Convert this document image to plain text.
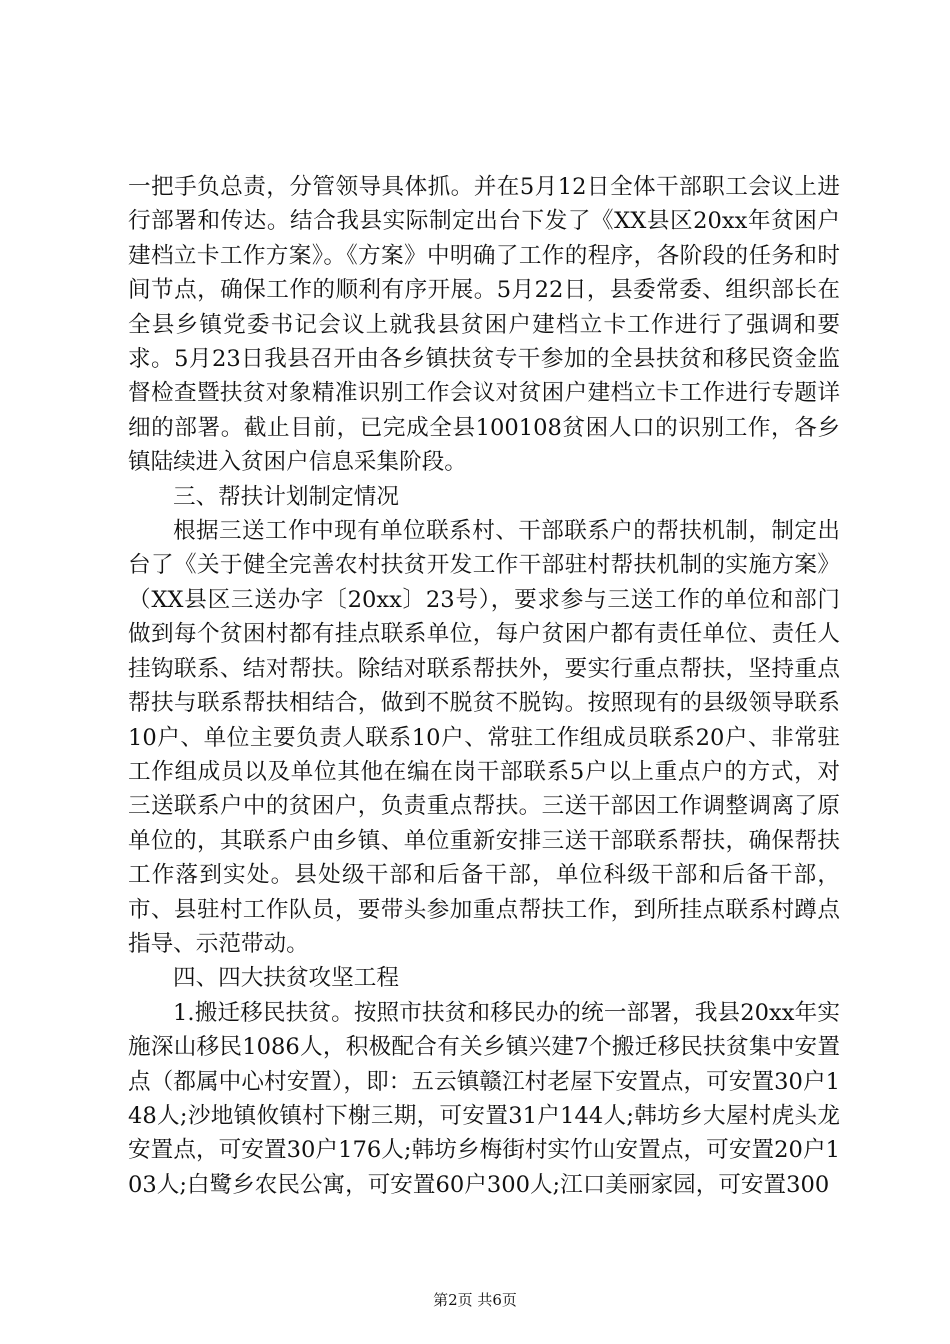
一把手负总责，分管领导具体抓。并在5月12日全体干部职工会议上进行部署和传达。结合我县实际制定出台下发了《XX县区20xx年贫困户建档立卡工作方案》。《方案》中明确了工作的程序，各阶段的任务和时间节点，确保工作的顺利有序开展。5月22日，县委常委、组织部长在全县乡镇党委书记会议上就我县贫困户建档立卡工作进行了强调和要求。5月23日我县召开由各乡镇扶贫专干参加的全县扶贫和移民资金监督检查暨扶贫对象精准识别工作会议对贫困户建档立卡工作进行专题详细的部署。截止目前，已完成全县100108贫困人口的识别工作，各乡镇陆续进入贫困户信息采集阶段。

三、帮扶计划制定情况

根据三送工作中现有单位联系村、干部联系户的帮扶机制，制定出台了《关于健全完善农村扶贫开发工作干部驻村帮扶机制的实施方案》（XX县区三送办字〔20xx〕23号），要求参与三送工作的单位和部门做到每个贫困村都有挂点联系单位，每户贫困户都有责任单位、责任人挂钩联系、结对帮扶。除结对联系帮扶外，要实行重点帮扶，坚持重点帮扶与联系帮扶相结合，做到不脱贫不脱钩。按照现有的县级领导联系10户、单位主要负责人联系10户、常驻工作组成员联系20户、非常驻工作组成员以及单位其他在编在岗干部联系5户以上重点户的方式，对三送联系户中的贫困户，负责重点帮扶。三送干部因工作调整调离了原单位的，其联系户由乡镇、单位重新安排三送干部联系帮扶，确保帮扶工作落到实处。县处级干部和后备干部，单位科级干部和后备干部，市、县驻村工作队员，要带头参加重点帮扶工作，到所挂点联系村蹲点指导、示范带动。

四、四大扶贫攻坚工程

1.搬迁移民扶贫。按照市扶贫和移民办的统一部署，我县20xx年实施深山移民1086人，积极配合有关乡镇兴建7个搬迁移民扶贫集中安置点（都属中心村安置），即：五云镇赣江村老屋下安置点，可安置30户148人;沙地镇攸镇村下榭三期，可安置31户144人;韩坊乡大屋村虎头龙安置点，可安置30户176人;韩坊乡梅街村实竹山安置点，可安置20户103人;白鹭乡农民公寓，可安置60户300人;江口美丽家园，可安置300

第2页 共6页
